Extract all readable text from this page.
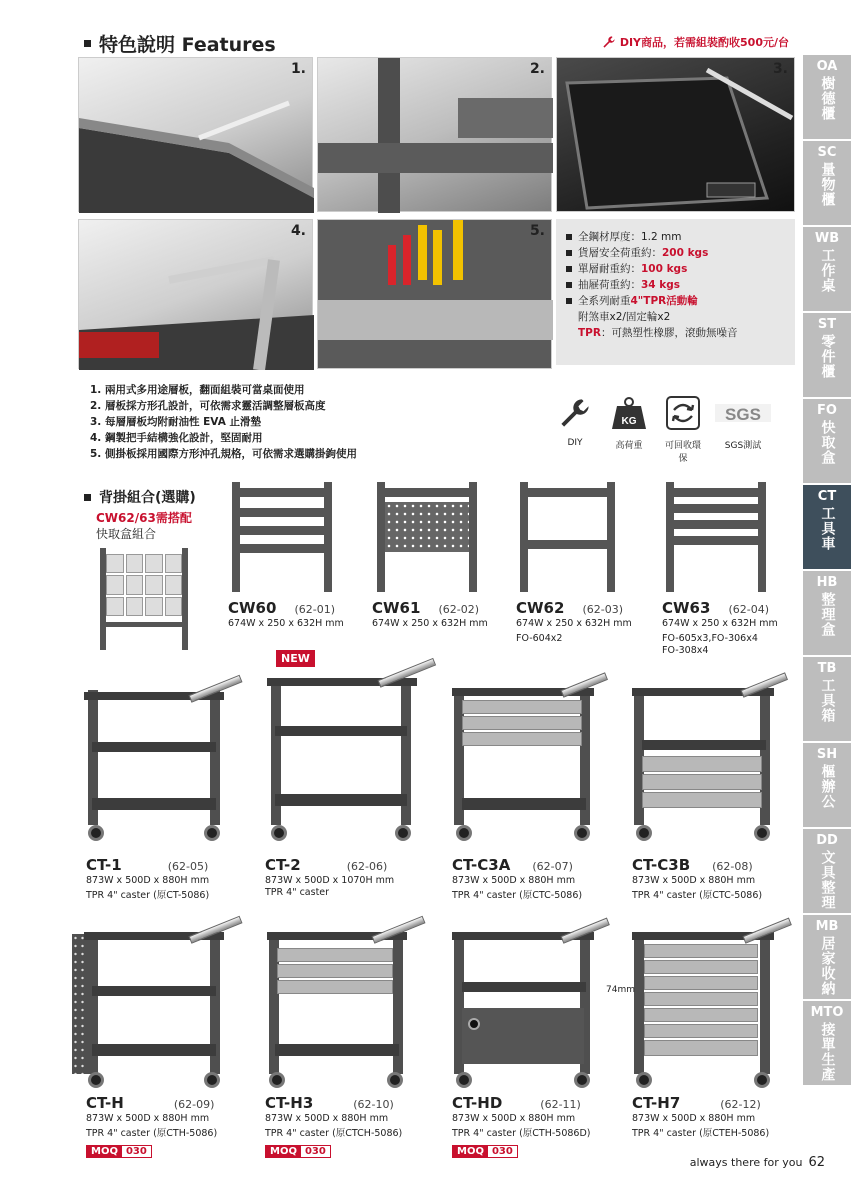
特色說明 Features	DIY商品，若需組裝酌收500元/台
1.	2.	3.
4.	5.	全鋼材厚度：1.2 mm
貨層安全荷重約：200 kgs
單層耐重約：100 kgs
抽屜荷重約：34 kgs
全系列耐重4"TPR活動輪
附煞車x2/固定輪x2
TPR：可熱塑性橡膠，滾動無噪音
1. 兩用式多用途層板，翻面組裝可當桌面使用
2. 層板採方形孔設計，可依需求靈活調整層板高度
3. 每層層板均附耐油性 EVA 止滑墊
4. 鋼製把手結構強化設計，堅固耐用
5. 側掛板採用國際方形沖孔規格，可依需求選購掛鉤使用
DIY
KG
高荷重	可回收環保
SGS
SGS測試
背掛組合(選購)
CW62/63需搭配
快取盒組合
CW60 (62-01)
674W x 250 x 632H mm
CW61 (62-02)
674W x 250 x 632H mm
CW62 (62-03)
674W x 250 x 632H mm
FO-604x2
CW63 (62-04)
674W x 250 x 632H mm
FO-605x3,FO-306x4
FO-308x4
NEW
CT-1	(62-05)
873W x 500D x 880H mm
TPR 4" caster (原CT-5086)
CT-2	(62-06)
873W x 500D x 1070H mm
TPR 4" caster
CT-C3A (62-07)
873W x 500D x 880H mm
TPR 4" caster (原CTC-5086)
CT-C3B (62-08)
873W x 500D x 880H mm
TPR 4" caster (原CTC-5086)
74mm
CT-H	(62-09)
873W x 500D x 880H mm
TPR 4" caster (原CTH-5086)
MOQ 030
CT-H3	(62-10)
873W x 500D x 880H mm
TPR 4" caster (原CTCH-5086)
MOQ 030
CT-HD	(62-11)
873W x 500D x 880H mm
TPR 4" caster (原CTH-5086D)
MOQ 030
CT-H7	(62-12)
873W x 500D x 880H mm
TPR 4" caster (原CTEH-5086)
OA
樹德櫃
SC
量物櫃
WB
工作桌
ST
零件櫃
FO
快取盒
CT
工具車
HB
整理盒
TB
工具箱
SH
樞辦公
DD
文具整理
MB
居家收納
MTO
接單生產
always there for you 62
